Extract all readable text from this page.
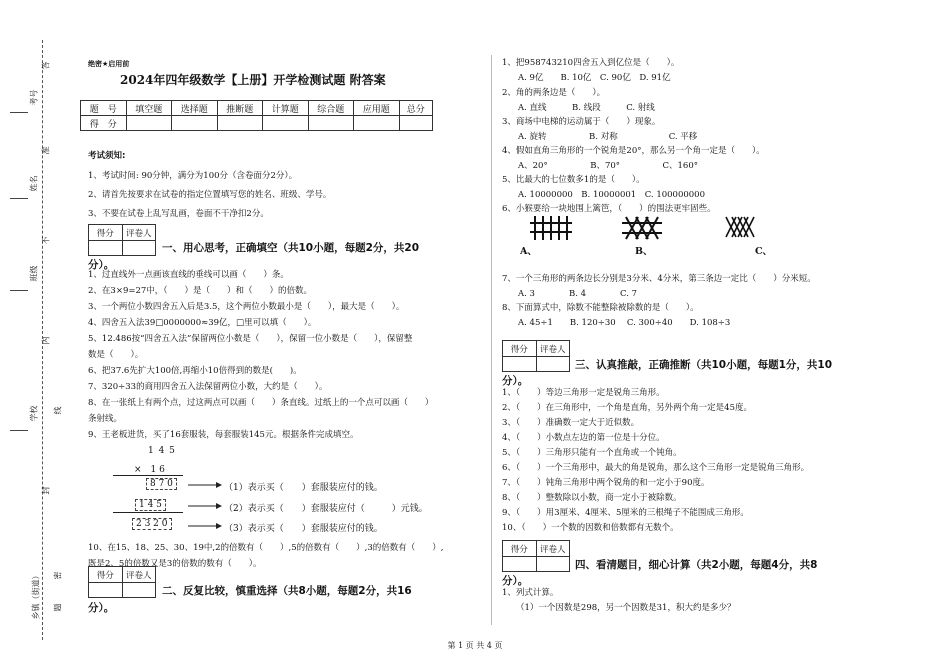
考号
姓名
班级
学校
乡镇（街道）
答
准
不
内
线
封
密
题
绝密★启用前
2024年四年级数学【上册】开学检测试题 附答案
题　号	填空题	选择题	推断题	计算题	综合题	应用题	总分
得　分							
考试须知:
1、考试时间: 90分钟，满分为100分（含卷面分2分）。
2、请首先按要求在试卷的指定位置填写您的姓名、班级、学号。
3、不要在试卷上乱写乱画，卷面不干净扣2分。
得分	评卷人
一、用心思考，正确填空（共10小题，每题2分，共20
分）。
1、过直线外一点画该直线的垂线可以画（　　）条。
2、在3×9=27中，（　　）是（　　）和（　　）的倍数。
3、一个两位小数四舍五入后是3.5，这个两位小数最小是（　　），最大是（　　）。
4、四舍五入法39□0000000≈39亿，□里可以填（　　）。
5、12.486按“四舍五入法”保留两位小数是（　　），保留一位小数是（　　），保留整
数是（　　）。
6、把37.6先扩大100倍,再缩小10倍得到的数是(　　)。
7、320÷33的商用四舍五入法保留两位小数，大约是（　　）。
8、在一张纸上有两个点，过这两点可以画（　　）条直线。过纸上的一个点可以画（　　）
条射线。
9、王老板进货，买了16套服装，每套服装145元。根据条件完成填空。
1 4 5
×　1 6
8 7 0
1 4 5
2 3 2 0
（1）表示买（　　）套服装应付的钱。
（2）表示买（　　）套服装应付（　　　）元钱。
（3）表示买（　　）套服装应付的钱。
10、在15、18、25、30、19中,2的倍数有（　　）,5的倍数有（　　）,3的倍数有（　　）,
既是2、5的倍数又是3的倍数的数有（　　）。
得分	评卷人
二、反复比较，慎重选择（共8小题，每题2分，共16
分）。
1、把958743210四舍五入到亿位是（　　）。
A. 9亿　　B. 10亿　C. 90亿　D. 91亿
2、角的两条边是（　　）。
A. 直线　　　B. 线段　　　C. 射线
3、商场中电梯的运动属于（　　）现象。
A. 旋转　　　　　B. 对称　　　　　　C. 平移
4、假如直角三角形的一个锐角是20°，那么另一个角一定是（　　）。
A、20°　　　　　B、70°　　　　　C、160°
5、比最大的七位数多1的是（　　）。
A. 10000000　B. 10000001　C. 100000000
6、小猴要给一块地围上篱笆，（　　）的围法更牢固些。
A、	B、	C、
7、一个三角形的两条边长分别是3分米、4分米，第三条边一定比（　　）分米短。
A. 3　　　　B. 4　　　　C. 7
8、下面算式中，除数不能整除被除数的是（　　）。
A. 45÷1　　B. 120÷30　 C. 300÷40　　D. 108÷3
得分	评卷人
三、认真推敲，正确推断（共10小题，每题1分，共10
分）。
1、（　　）等边三角形一定是锐角三角形。
2、（　　）在三角形中，一个角是直角，另外两个角一定是45度。
3、（　　）准确数一定大于近似数。
4、（　　）小数点左边的第一位是十分位。
5、（　　）三角形只能有一个直角或一个钝角。
6、（　　）一个三角形中，最大的角是锐角，那么这个三角形一定是锐角三角形。
7、（　　）钝角三角形中两个锐角的和一定小于90度。
8、（　　）整数除以小数，商一定小于被除数。
9、（　　）用3厘米、4厘米、5厘米的三根绳子不能围成三角形。
10、（　　）一个数的因数和倍数都有无数个。
得分	评卷人
四、看清题目，细心计算（共2小题，每题4分，共8
分）。
1、列式计算。
（1）一个因数是298，另一个因数是31，积大约是多少？
第 1 页 共 4 页
